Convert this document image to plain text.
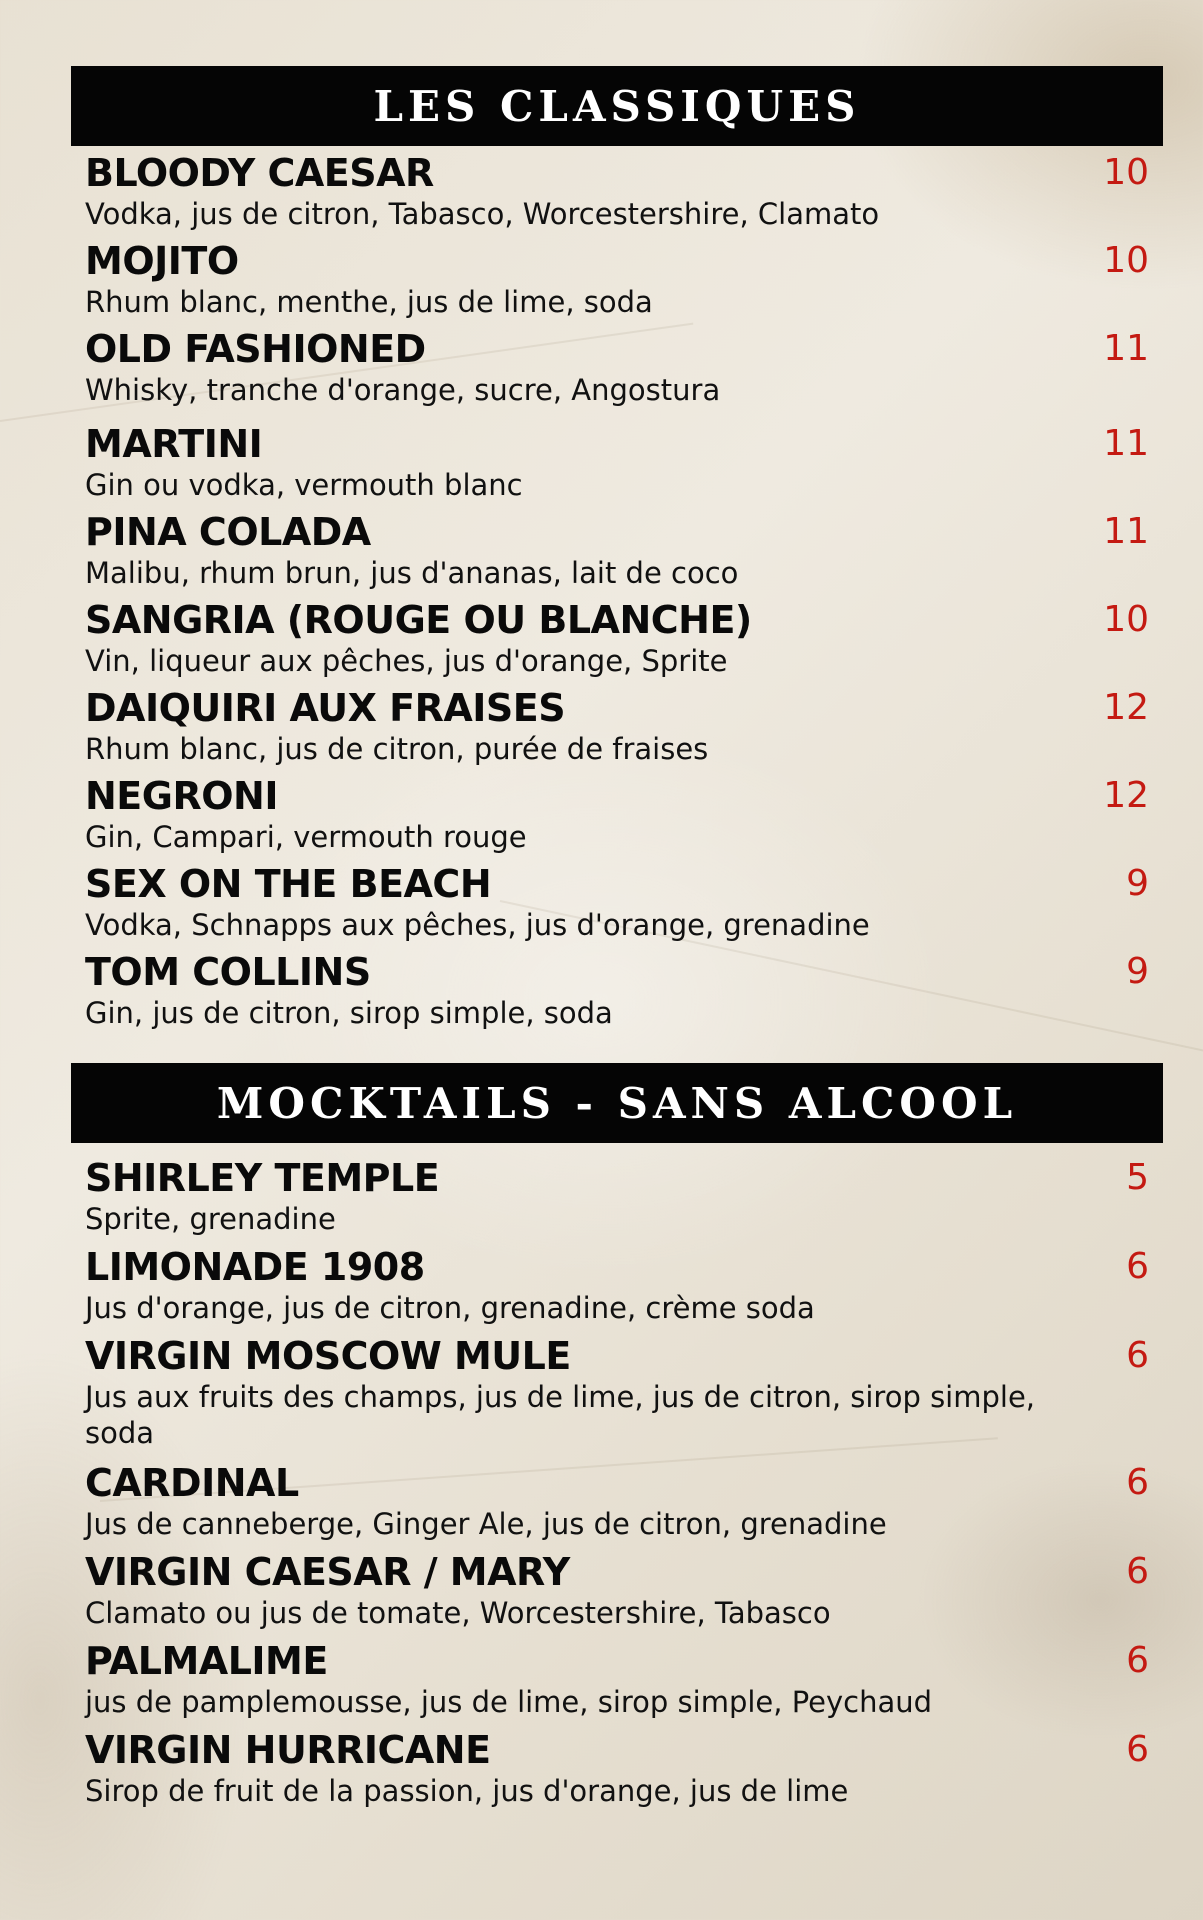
LES CLASSIQUES
BLOODY CAESAR	10
Vodka, jus de citron, Tabasco, Worcestershire, Clamato
MOJITO	10
Rhum blanc, menthe, jus de lime, soda
OLD FASHIONED	11
Whisky, tranche d'orange, sucre, Angostura
MARTINI	11
Gin ou vodka, vermouth blanc
PINA COLADA	11
Malibu, rhum brun, jus d'ananas, lait de coco
SANGRIA (ROUGE OU BLANCHE)	10
Vin, liqueur aux pêches, jus d'orange, Sprite
DAIQUIRI AUX FRAISES	12
Rhum blanc, jus de citron, purée de fraises
NEGRONI	12
Gin, Campari, vermouth rouge
SEX ON THE BEACH	9
Vodka, Schnapps aux pêches, jus d'orange, grenadine
TOM COLLINS	9
Gin, jus de citron, sirop simple, soda
MOCKTAILS - SANS ALCOOL
SHIRLEY TEMPLE	5
Sprite, grenadine
LIMONADE 1908	6
Jus d'orange, jus de citron, grenadine, crème soda
VIRGIN MOSCOW MULE	6
Jus aux fruits des champs, jus de lime, jus de citron, sirop simple, soda
CARDINAL	6
Jus de canneberge, Ginger Ale, jus de citron, grenadine
VIRGIN CAESAR / MARY	6
Clamato ou jus de tomate, Worcestershire, Tabasco
PALMALIME	6
jus de pamplemousse, jus de lime, sirop simple, Peychaud
VIRGIN HURRICANE	6
Sirop de fruit de la passion, jus d'orange, jus de lime
